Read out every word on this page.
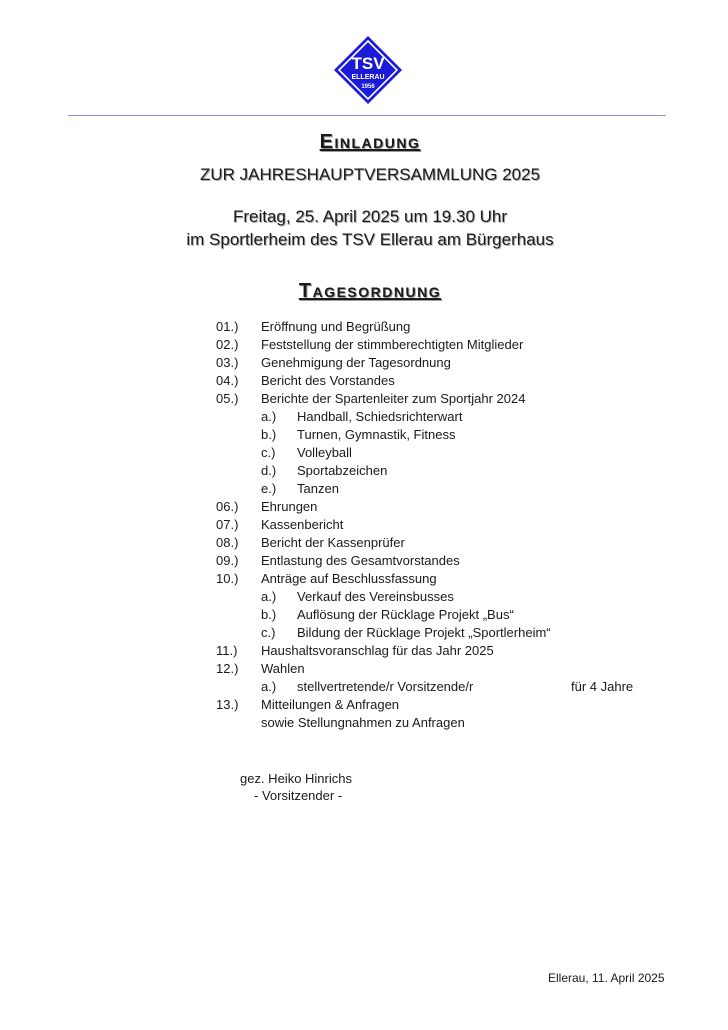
TSV
ELLERAU
1956
Einladung
ZUR JAHRESHAUPTVERSAMMLUNG 2025
Freitag, 25. April 2025 um 19.30 Uhr
im Sportlerheim des TSV Ellerau am Bürgerhaus
Tagesordnung
01.) Eröffnung und Begrüßung
02.) Feststellung der stimmberechtigten Mitglieder
03.) Genehmigung der Tagesordnung
04.) Bericht des Vorstandes
05.) Berichte der Spartenleiter zum Sportjahr 2024
a.) Handball, Schiedsrichterwart
b.) Turnen, Gymnastik, Fitness
c.) Volleyball
d.) Sportabzeichen
e.) Tanzen
06.) Ehrungen
07.) Kassenbericht
08.) Bericht der Kassenprüfer
09.) Entlastung des Gesamtvorstandes
10.) Anträge auf Beschlussfassung
a.) Verkauf des Vereinsbusses
b.) Auflösung der Rücklage Projekt „Bus“
c.) Bildung der Rücklage Projekt „Sportlerheim“
11.) Haushaltsvoranschlag für das Jahr 2025
12.) Wahlen
a.) stellvertretende/r Vorsitzende/r	für 4 Jahre
13.) Mitteilungen & Anfragen
sowie Stellungnahmen zu Anfragen
gez. Heiko Hinrichs
- Vorsitzender -
Ellerau, 11. April 2025
